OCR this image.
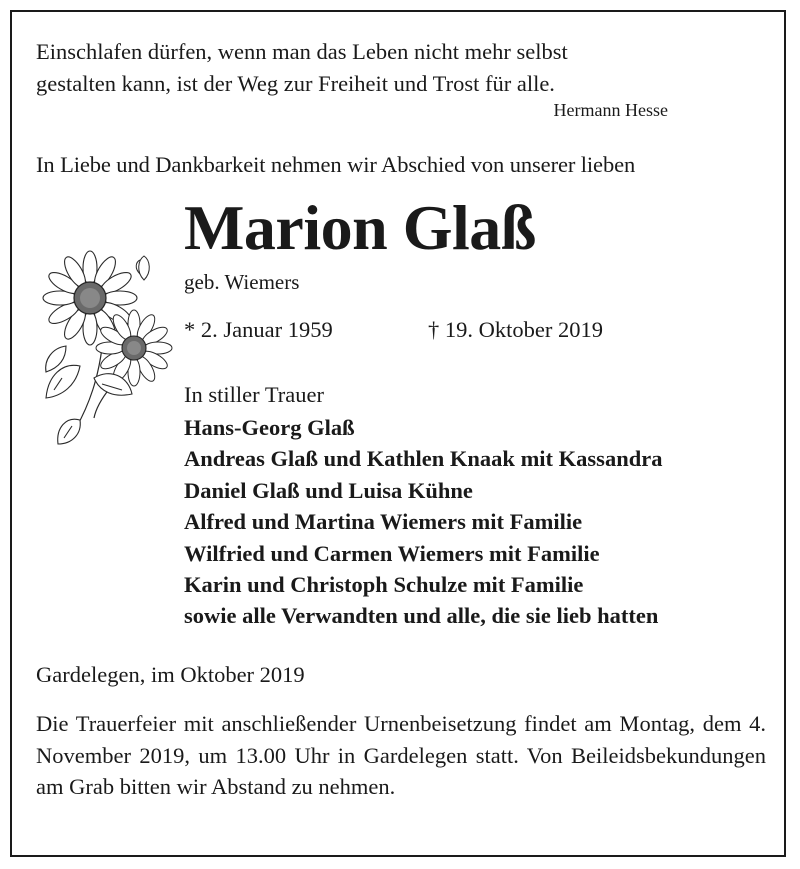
Einschlafen dürfen, wenn man das Leben nicht mehr selbst
gestalten kann, ist der Weg zur Freiheit und Trost für alle.
Hermann Hesse
In Liebe und Dankbarkeit nehmen wir Abschied von unserer lieben
Marion Glaß
geb. Wiemers
* 2. Januar 1959	† 19. Oktober 2019
In stiller Trauer
Hans-Georg Glaß
Andreas Glaß und Kathlen Knaak mit Kassandra
Daniel Glaß und Luisa Kühne
Alfred und Martina Wiemers mit Familie
Wilfried und Carmen Wiemers mit Familie
Karin und Christoph Schulze mit Familie
sowie alle Verwandten und alle, die sie lieb hatten
Gardelegen, im Oktober 2019
Die Trauerfeier mit anschließender Urnenbeisetzung findet am Montag, dem 4. November 2019, um 13.00 Uhr in Gardelegen statt. Von Beileidsbekundungen am Grab bitten wir Abstand zu nehmen.
